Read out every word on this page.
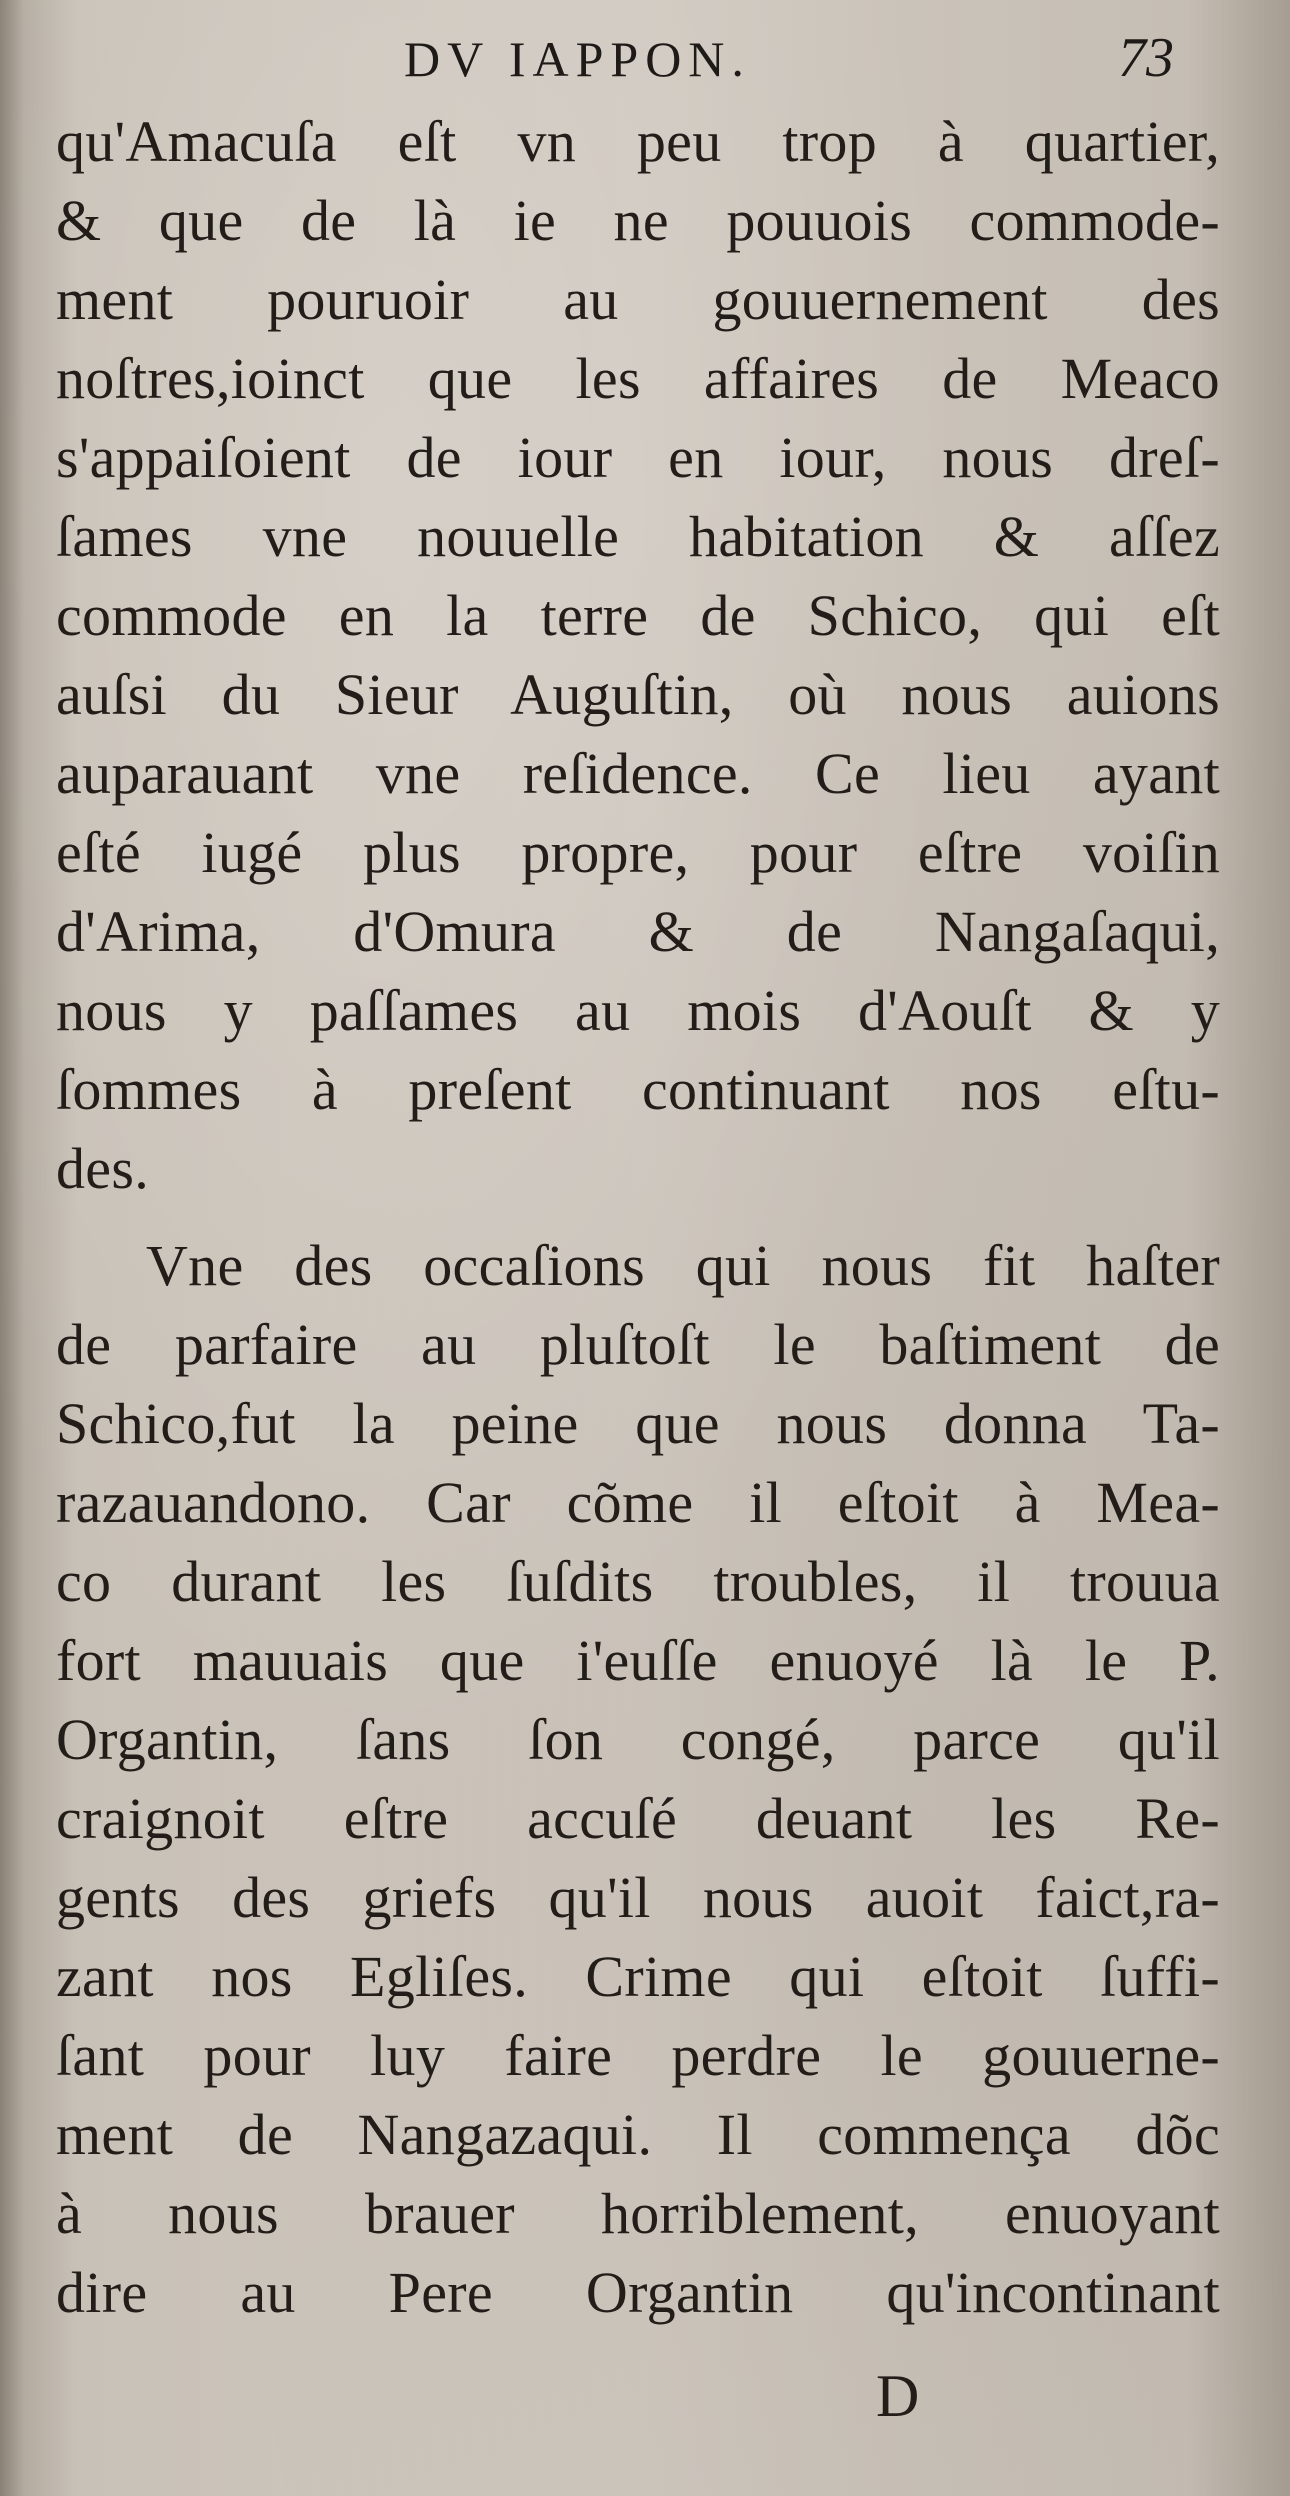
DV IAPPON.	73
qu'Amacuſa eſt vn peu trop à quartier,
& que de là ie ne pouuois commode-
ment pouruoir au gouuernement des
noſtres,ioinct que les affaires de Meaco
s'appaiſoient de iour en iour, nous dreſ-
ſames vne nouuelle habitation & aſſez
commode en la terre de Schico, qui eſt
auſsi du Sieur Auguſtin, où nous auions
auparauant vne reſidence. Ce lieu ayant
eſté iugé plus propre, pour eſtre voiſin
d'Arima, d'Omura & de Nangaſaqui,
nous y paſſames au mois d'Aouſt & y
ſommes à preſent continuant nos eſtu-
des.
Vne des occaſions qui nous fit haſter
de parfaire au pluſtoſt le baſtiment de
Schico,fut la peine que nous donna Ta-
razauandono. Car cõme il eſtoit à Mea-
co durant les ſuſdits troubles, il trouua
fort mauuais que i'euſſe enuoyé là le P.
Organtin, ſans ſon congé, parce qu'il
craignoit eſtre accuſé deuant les Re-
gents des griefs qu'il nous auoit faict,ra-
zant nos Egliſes. Crime qui eſtoit ſuffi-
ſant pour luy faire perdre le gouuerne-
ment de Nangazaqui. Il commença dõc
à nous brauer horriblement, enuoyant
dire au Pere Organtin qu'incontinant
D
